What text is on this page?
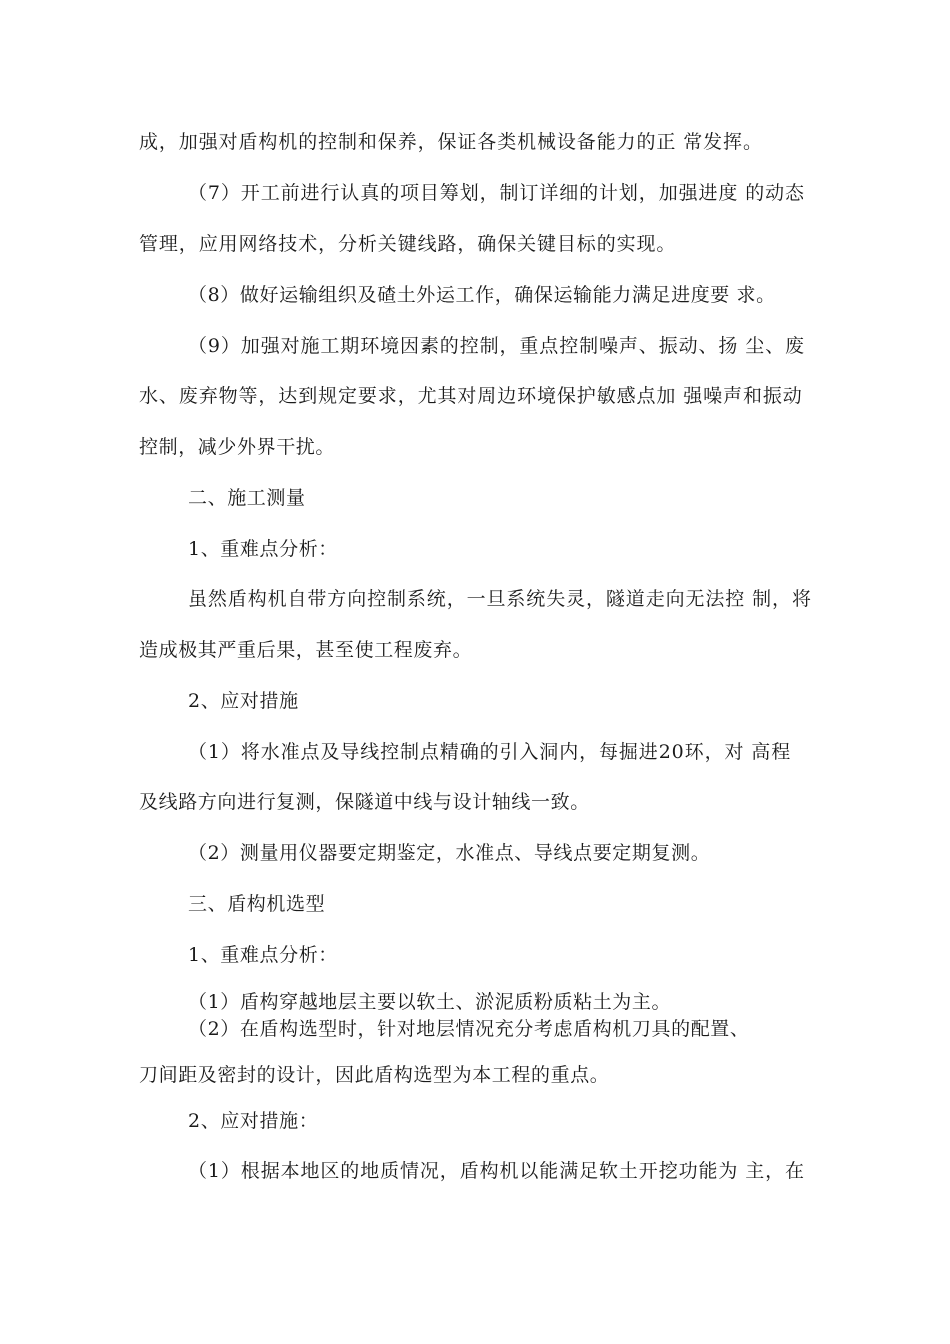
成，加强对盾构机的控制和保养，保证各类机械设备能力的正 常发挥。
（7）开工前进行认真的项目筹划，制订详细的计划，加强进度 的动态
管理，应用网络技术，分析关键线路，确保关键目标的实现。
（8）做好运输组织及碴土外运工作，确保运输能力满足进度要 求。
（9）加强对施工期环境因素的控制，重点控制噪声、振动、扬 尘、废
水、废弃物等，达到规定要求，尤其对周边环境保护敏感点加 强噪声和振动
控制，减少外界干扰。
二、施工测量
1、重难点分析：
虽然盾构机自带方向控制系统，一旦系统失灵，隧道走向无法控 制，将
造成极其严重后果，甚至使工程废弃。
2、应对措施
（1）将水准点及导线控制点精确的引入洞内，每掘进20环，对 高程
及线路方向进行复测，保隧道中线与设计轴线一致。
（2）测量用仪器要定期鉴定，水准点、导线点要定期复测。
三、盾构机选型
1、重难点分析：
（1）盾构穿越地层主要以软土、淤泥质粉质粘土为主。
（2）在盾构选型时，针对地层情况充分考虑盾构机刀具的配置、
刀间距及密封的设计，因此盾构选型为本工程的重点。
2、应对措施：
（1）根据本地区的地质情况，盾构机以能满足软土开挖功能为 主，在
